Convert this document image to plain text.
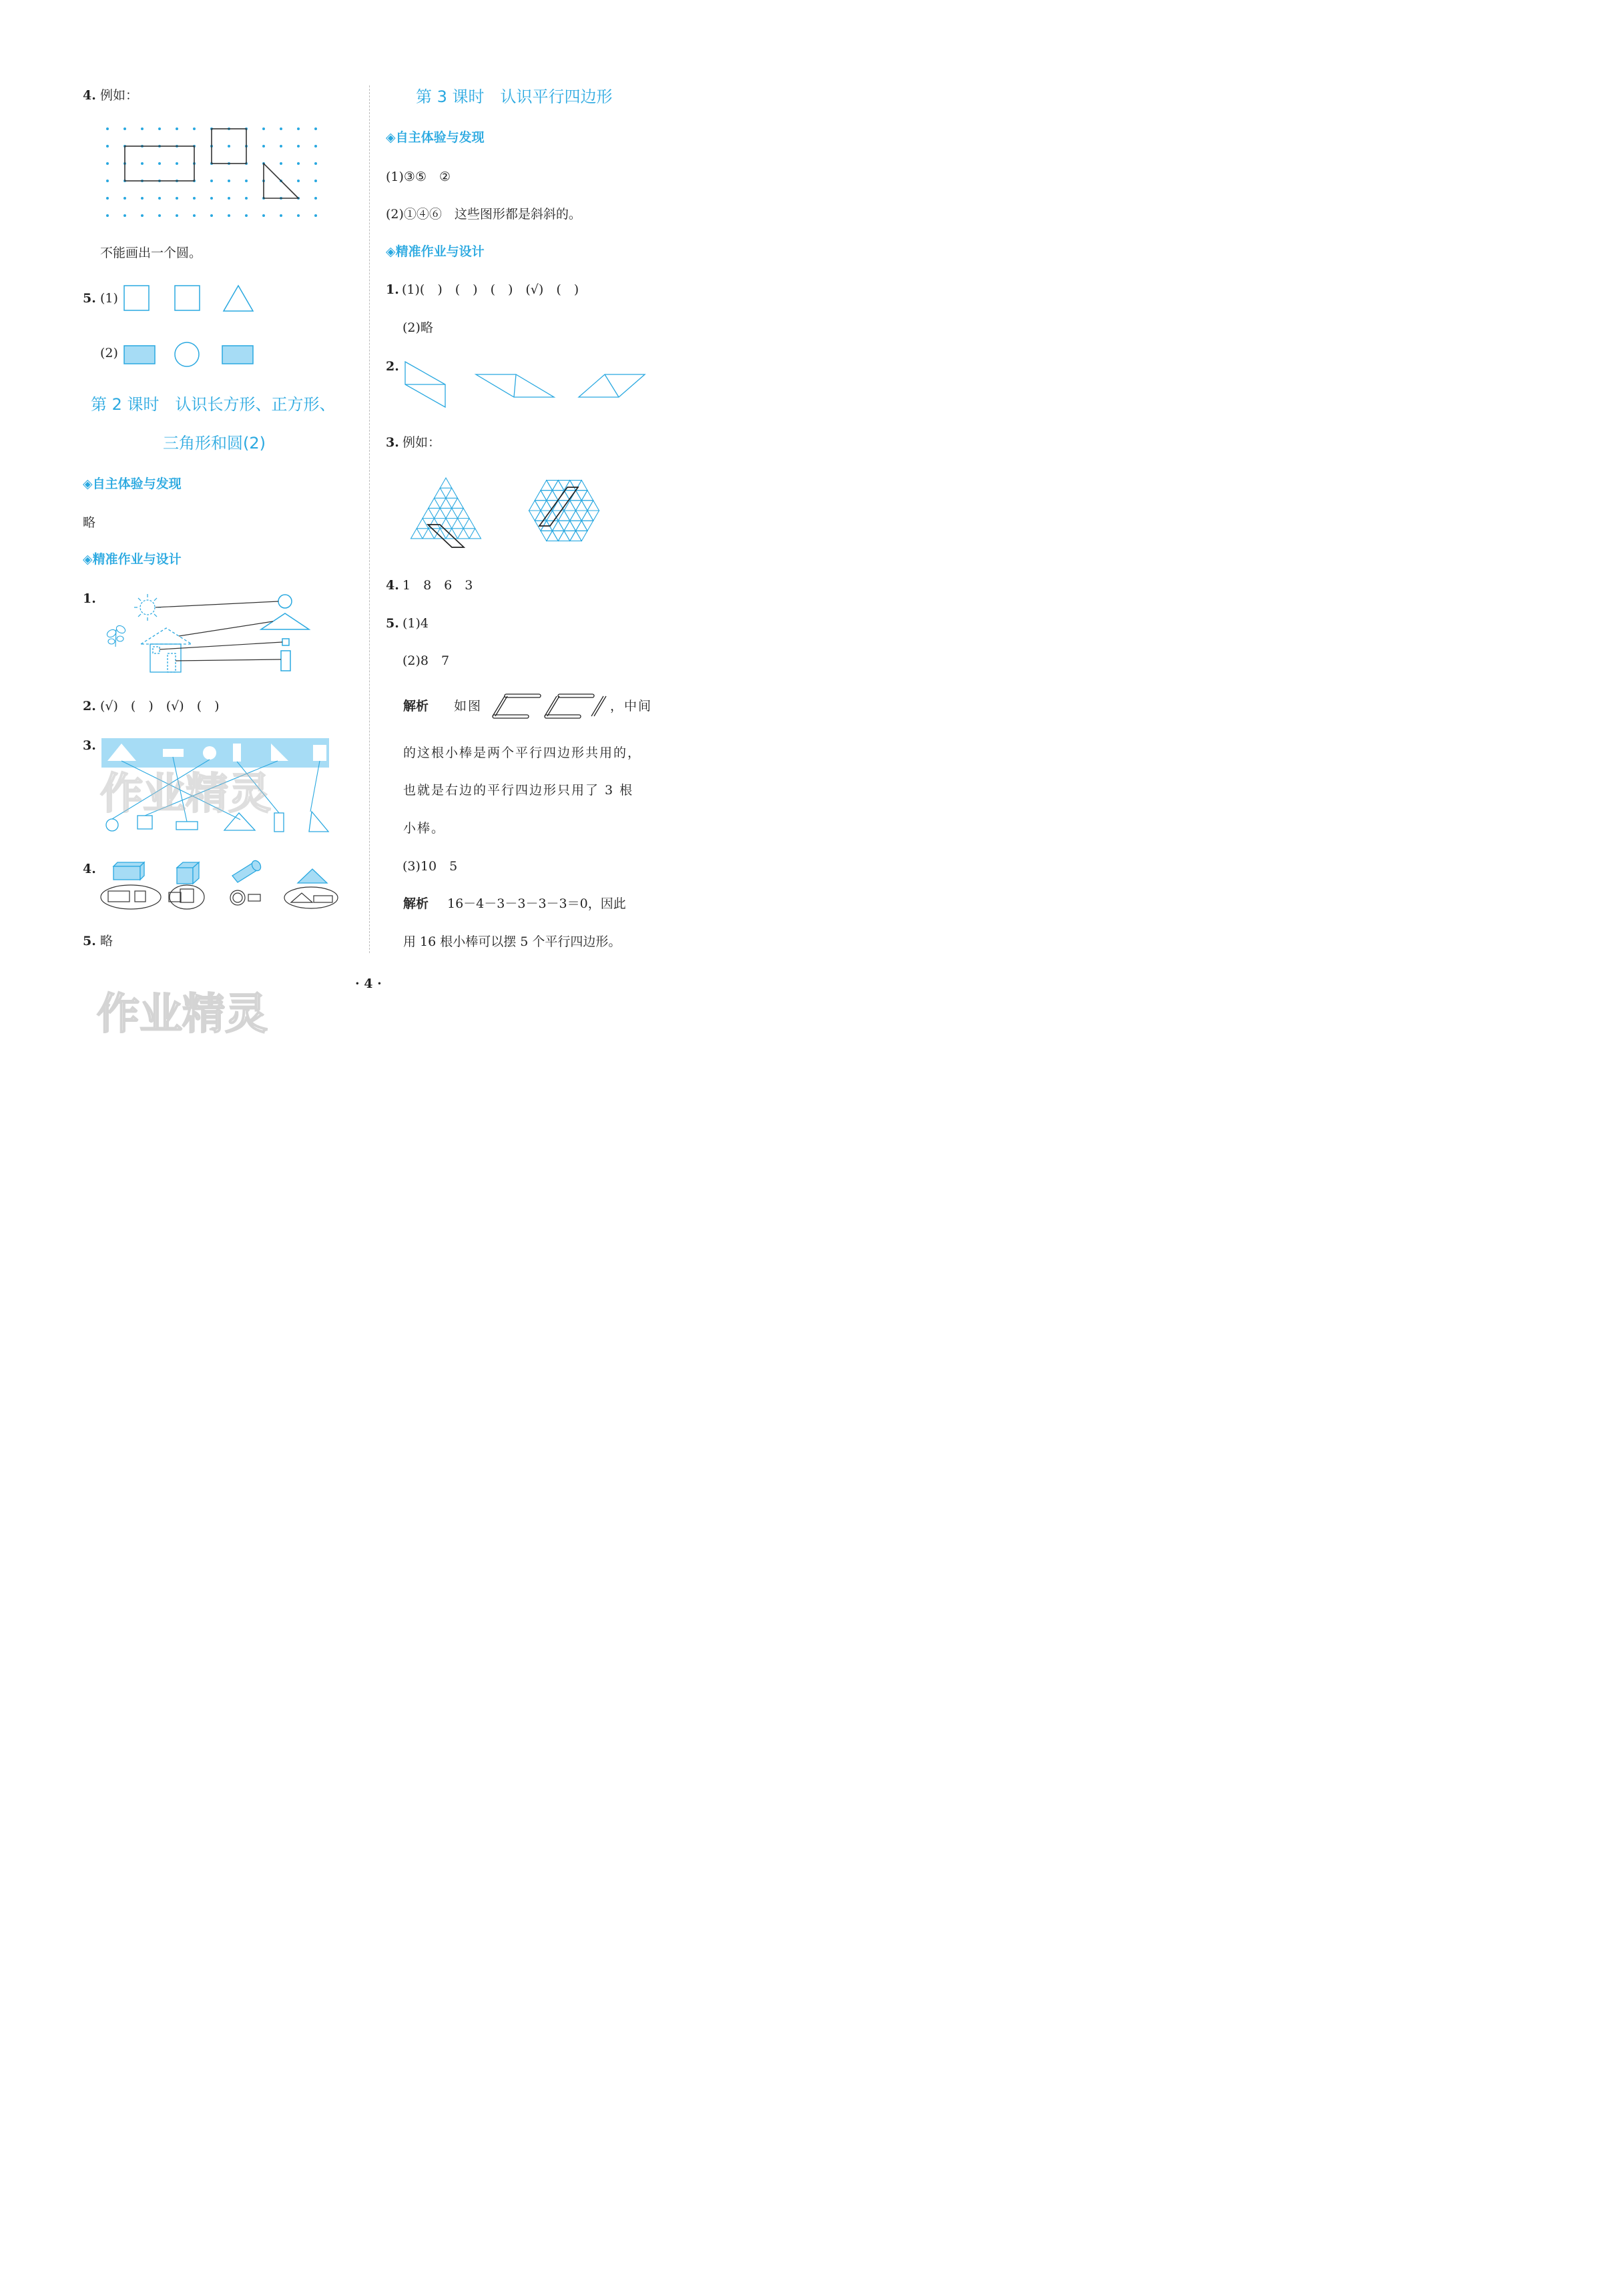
4. 例如：
不能画出一个圆。
5. (1)
(2)
第 2 课时　认识长方形、正方形、
三角形和圆(2)
◈自主体验与发现
略
◈精准作业与设计
1.
2. (√)　(　)　(√)　(　)
3.
4.
5. 略
第 3 课时　认识平行四边形
◈自主体验与发现
(1)③⑤　②
(2)①④⑥　这些图形都是斜斜的。
◈精准作业与设计
1. (1)(　)　(　)　(　)　(√)　(　)
(2)略
2.
3. 例如：
4. 1　8　6　3
5. (1)4
(2)8　7
解析 如图	，中间
的这根小棒是两个平行四边形共用的，
也就是右边的平行四边形只用了 3 根
小棒。
(3)10　5
解析 16－4－3－3－3－3＝0，因此
用 16 根小棒可以摆 5 个平行四边形。
· 4 ·
作业精灵
作业精灵
